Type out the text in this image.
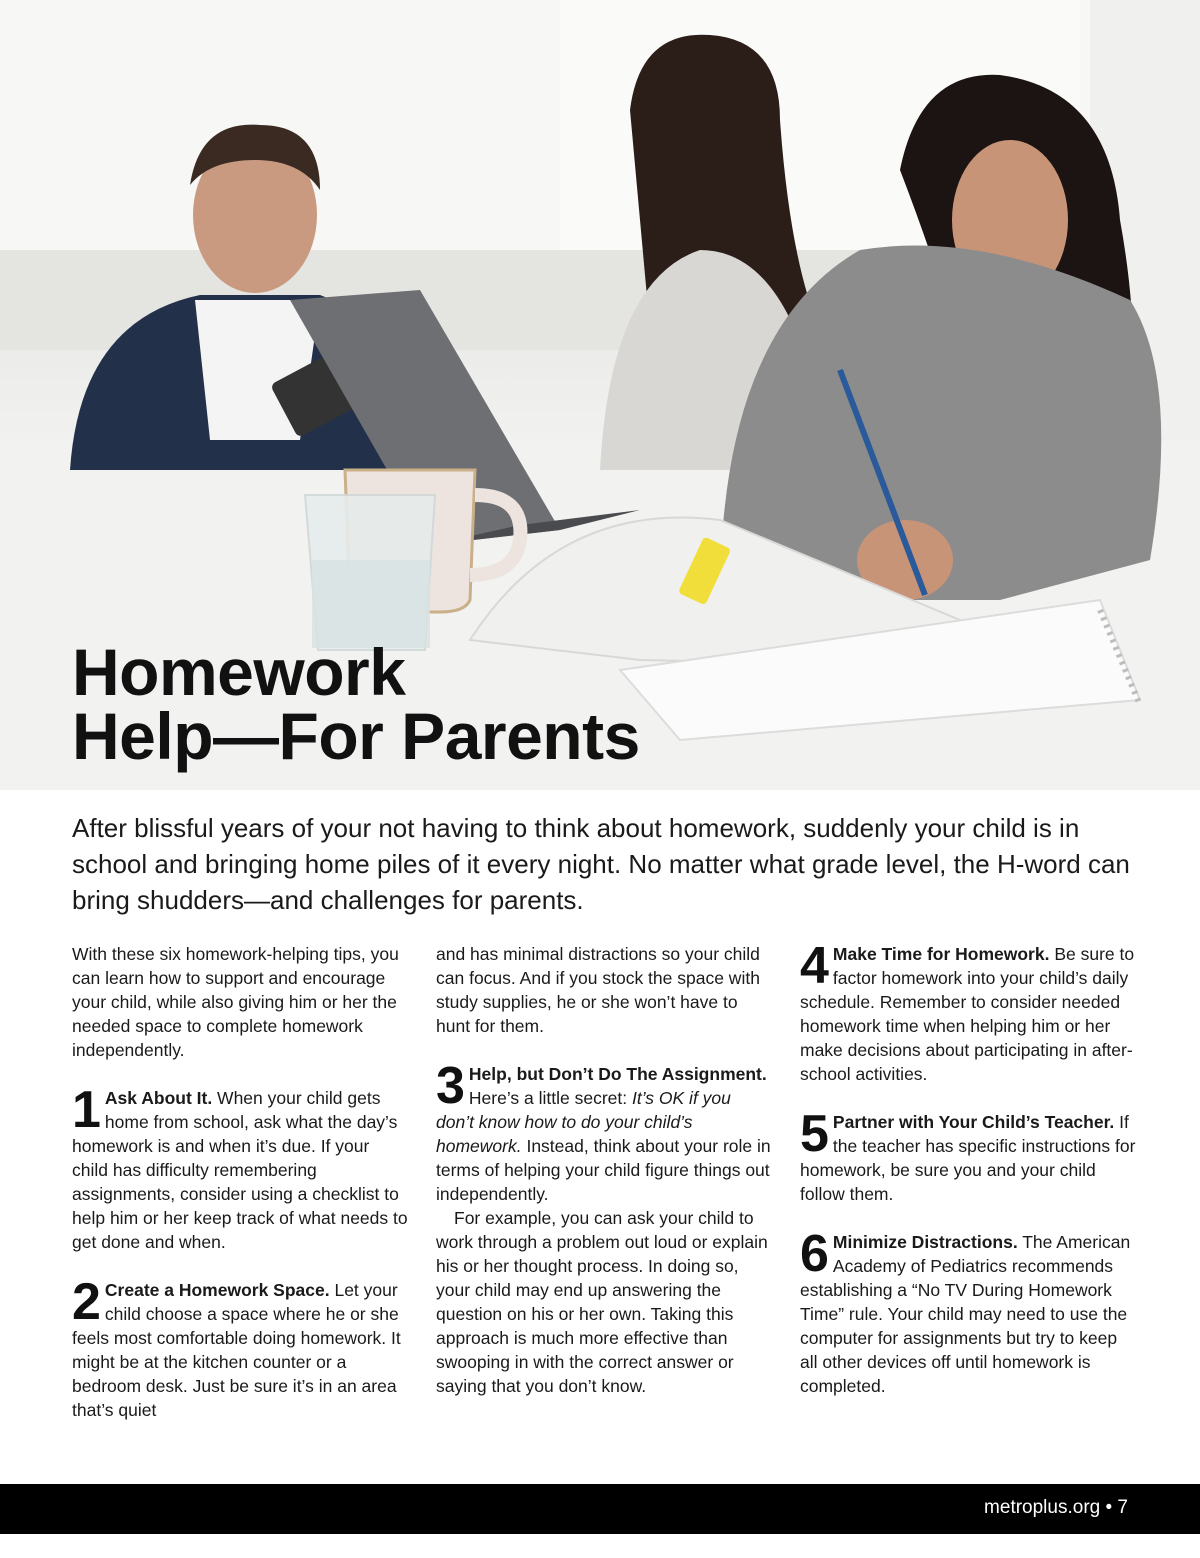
Homework
Help—For Parents

After blissful years of your not having to think about homework, suddenly your child is in school and bringing home piles of it every night. No matter what grade level, the H-word can bring shudders—and challenges for parents.

With these six homework-helping tips, you can learn how to support and encourage your child, while also giving him or her the needed space to complete homework independently.

1 Ask About It. When your child gets home from school, ask what the day’s homework is and when it’s due. If your child has difficulty remembering assignments, consider using a checklist to help him or her keep track of what needs to get done and when.

2 Create a Homework Space. Let your child choose a space where he or she feels most comfortable doing homework. It might be at the kitchen counter or a bedroom desk. Just be sure it’s in an area that’s quiet

and has minimal distractions so your child can focus. And if you stock the space with study supplies, he or she won’t have to hunt for them.

3 Help, but Don’t Do The Assignment. Here’s a little secret: It’s OK if you don’t know how to do your child’s homework. Instead, think about your role in terms of helping your child figure things out independently.

For example, you can ask your child to work through a problem out loud or explain his or her thought process. In doing so, your child may end up answering the question on his or her own. Taking this approach is much more effective than swooping in with the correct answer or saying that you don’t know.

4 Make Time for Homework. Be sure to factor homework into your child’s daily schedule. Remember to consider needed homework time when helping him or her make decisions about participating in after-school activities.

5 Partner with Your Child’s Teacher. If the teacher has specific instructions for homework, be sure you and your child follow them.

6 Minimize Distractions. The American Academy of Pediatrics recommends establishing a “No TV During Homework Time” rule. Your child may need to use the computer for assignments but try to keep all other devices off until homework is completed.

metroplus.org • 7
